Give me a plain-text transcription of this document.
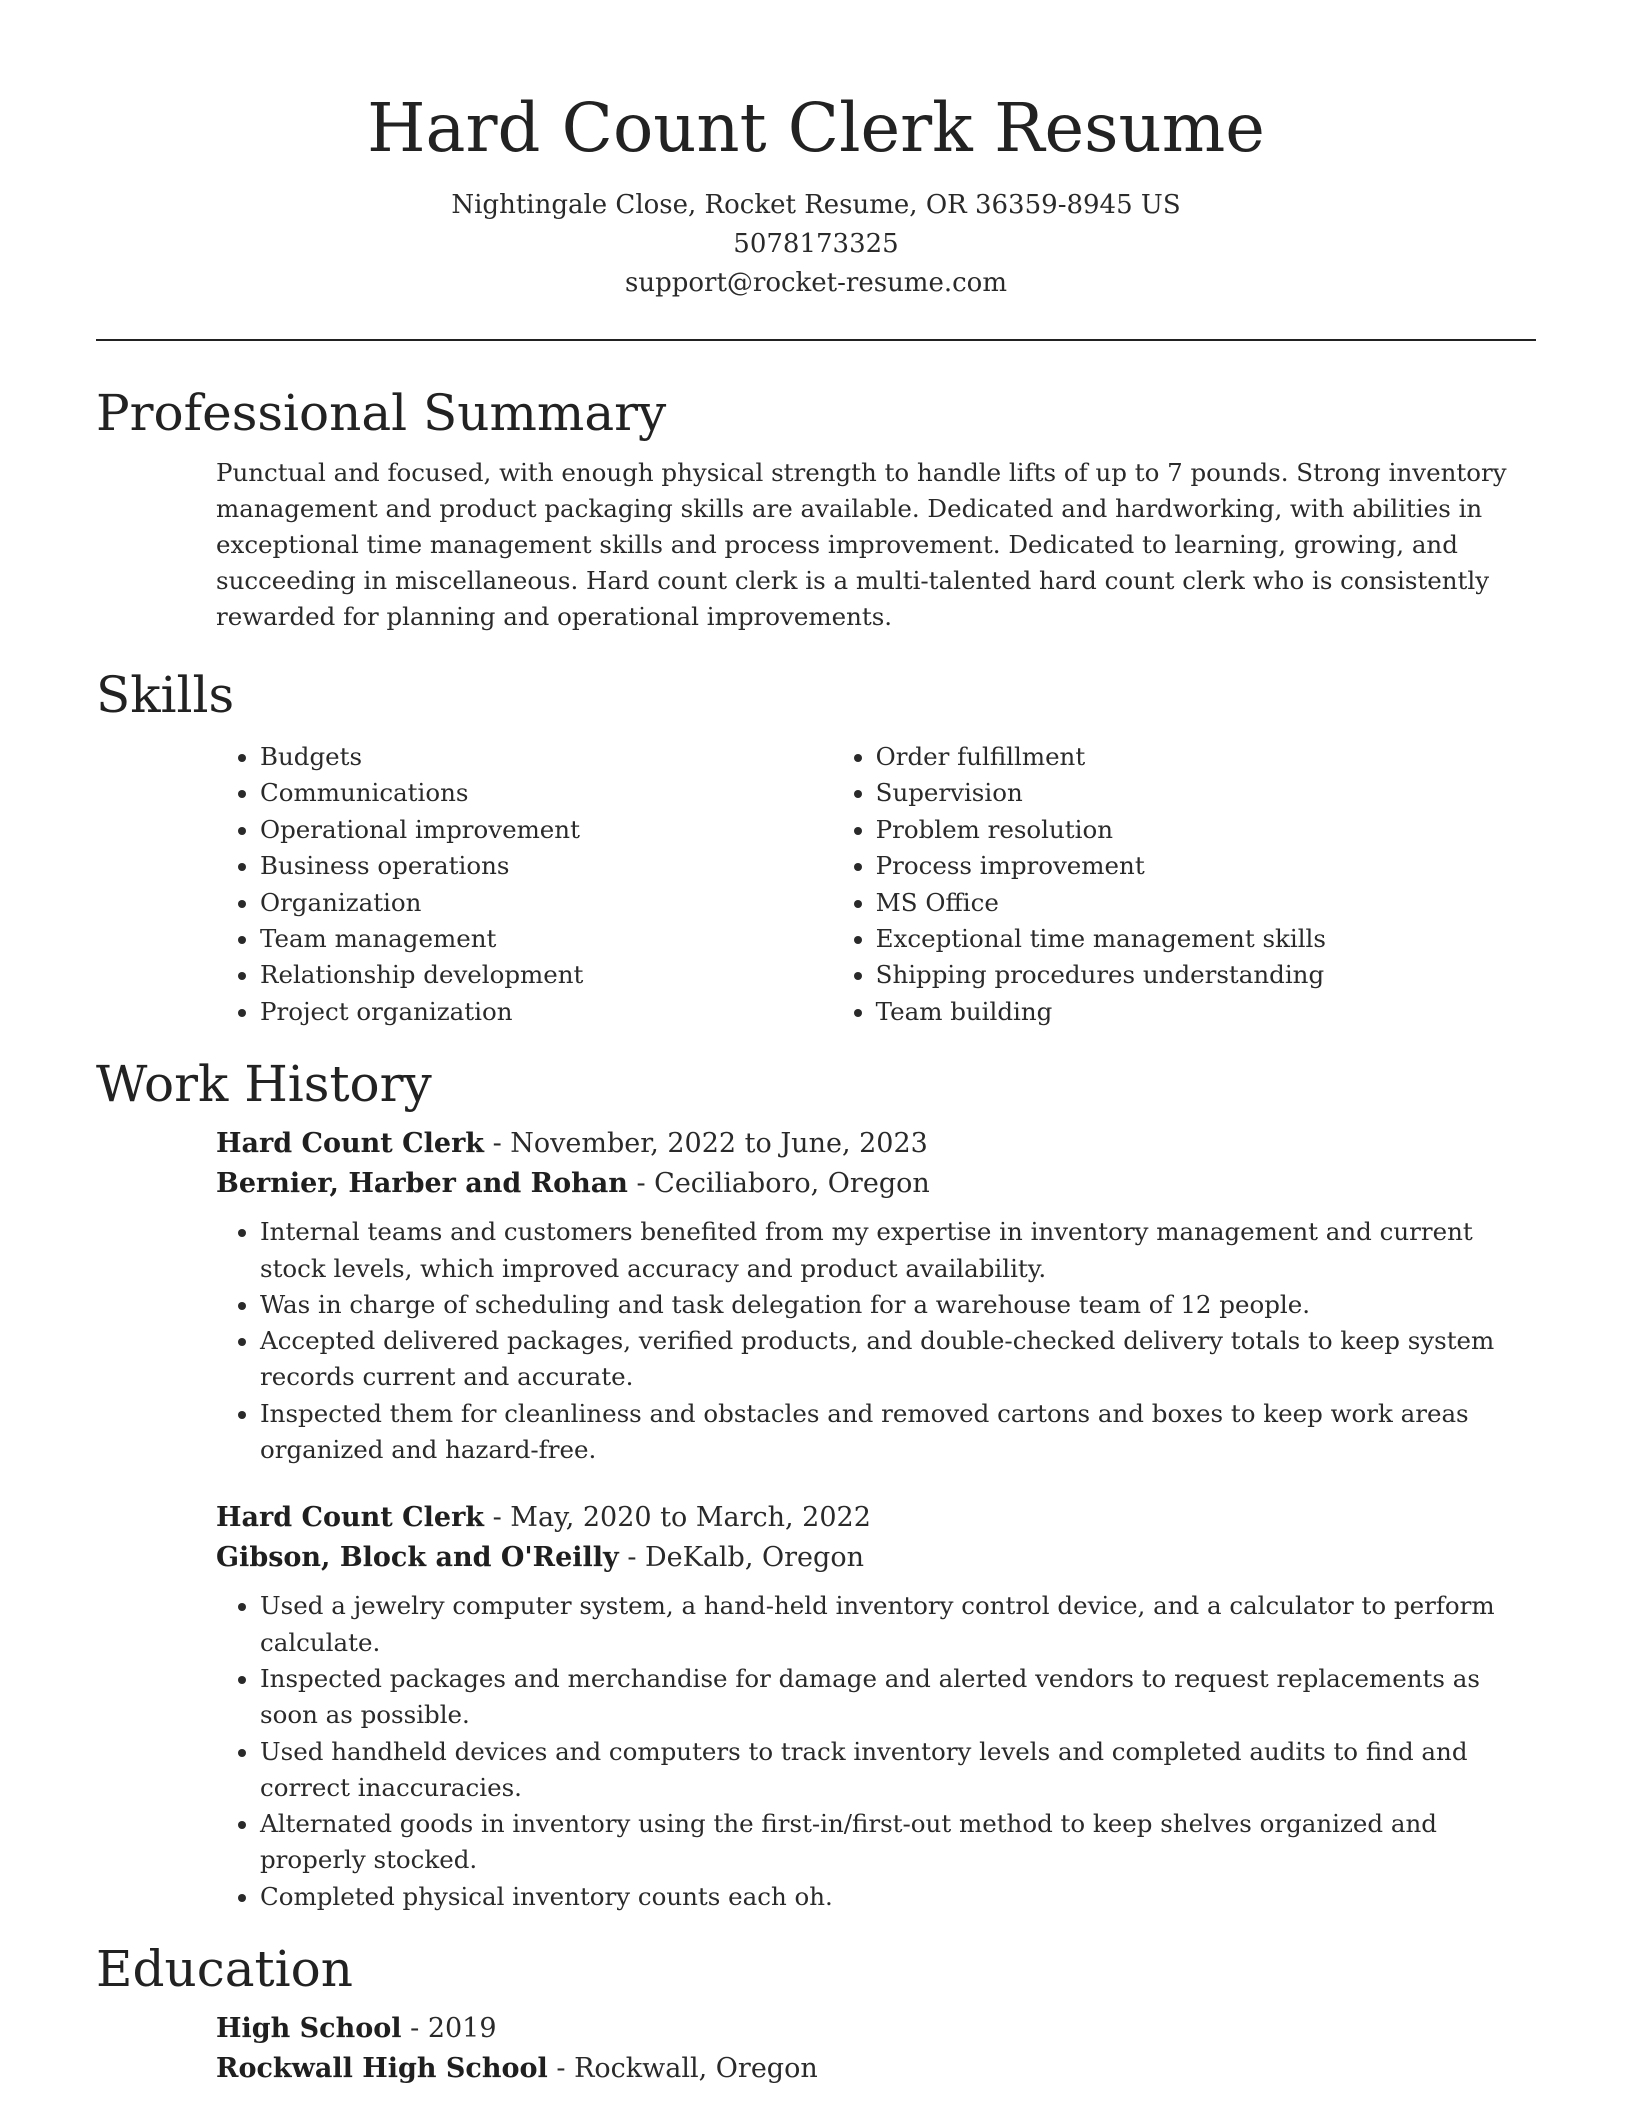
Hard Count Clerk Resume
Nightingale Close, Rocket Resume, OR 36359-8945 US
5078173325
support@rocket-resume.com
Professional Summary

Punctual and focused, with enough physical strength to handle lifts of up to 7 pounds. Strong inventory management and product packaging skills are available. Dedicated and hardworking, with abilities in exceptional time management skills and process improvement. Dedicated to learning, growing, and succeeding in miscellaneous. Hard count clerk is a multi-talented hard count clerk who is consistently rewarded for planning and operational improvements.

Skills
• Budgets
• Communications
• Operational improvement
• Business operations
• Organization
• Team management
• Relationship development
• Project organization
• Order fulfillment
• Supervision
• Problem resolution
• Process improvement
• MS Office
• Exceptional time management skills
• Shipping procedures understanding
• Team building
Work History
Hard Count Clerk - November, 2022 to June, 2023
Bernier, Harber and Rohan - Ceciliaboro, Oregon
• Internal teams and customers benefited from my expertise in inventory management and current stock levels, which improved accuracy and product availability.
• Was in charge of scheduling and task delegation for a warehouse team of 12 people.
• Accepted delivered packages, verified products, and double-checked delivery totals to keep system records current and accurate.
• Inspected them for cleanliness and obstacles and removed cartons and boxes to keep work areas organized and hazard-free.
Hard Count Clerk - May, 2020 to March, 2022
Gibson, Block and O'Reilly - DeKalb, Oregon
• Used a jewelry computer system, a hand-held inventory control device, and a calculator to perform calculate.
• Inspected packages and merchandise for damage and alerted vendors to request replacements as soon as possible.
• Used handheld devices and computers to track inventory levels and completed audits to find and correct inaccuracies.
• Alternated goods in inventory using the first-in/first-out method to keep shelves organized and properly stocked.
• Completed physical inventory counts each oh.
Education
High School - 2019
Rockwall High School - Rockwall, Oregon
